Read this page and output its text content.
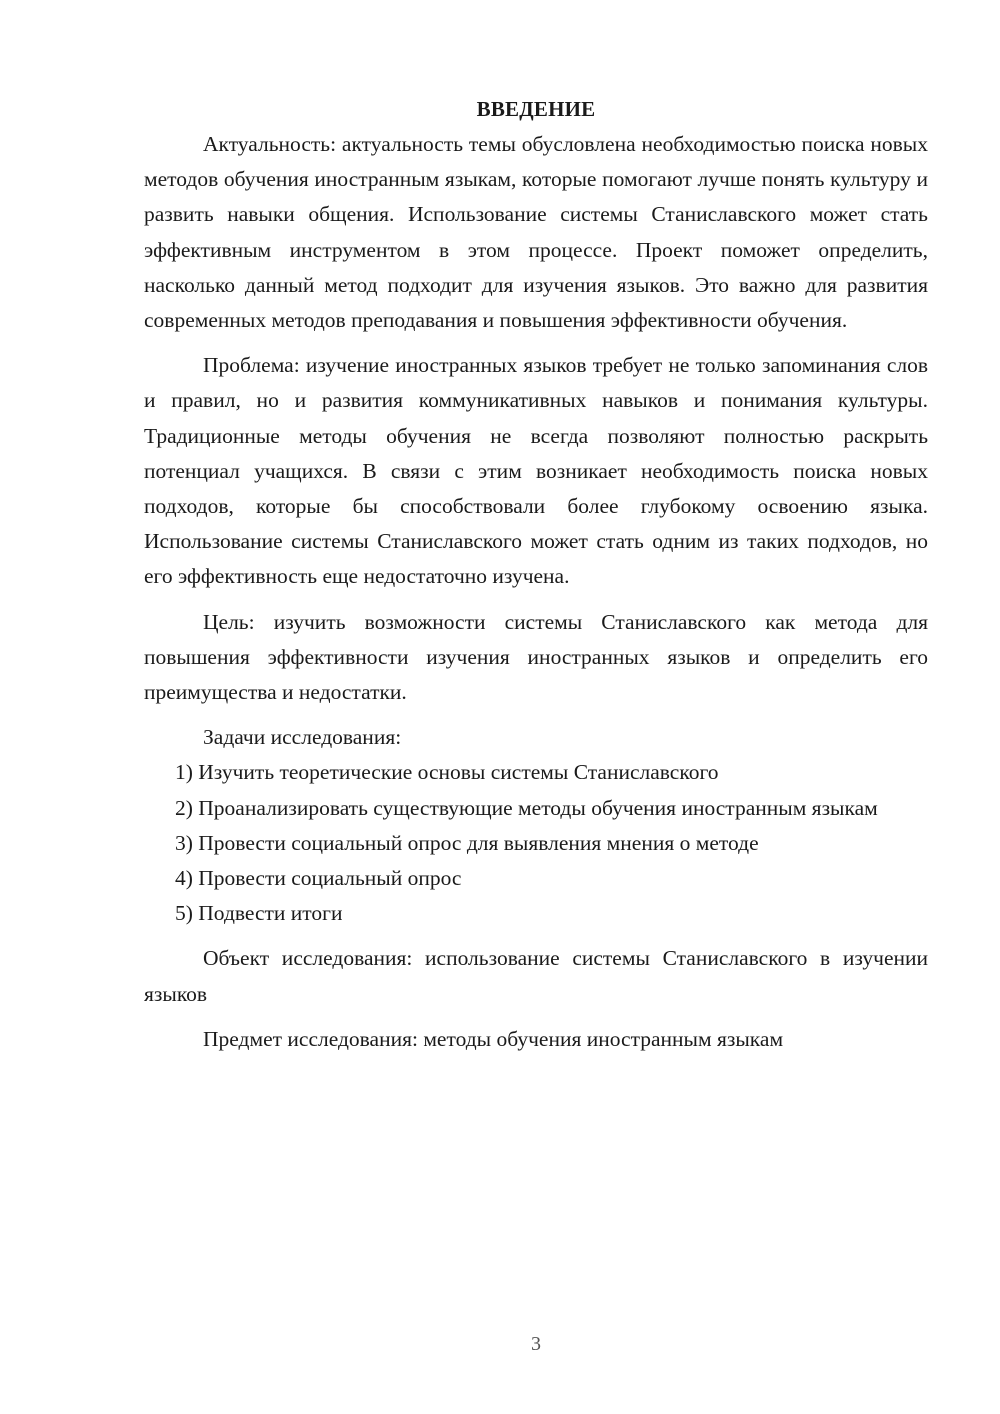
ВВЕДЕНИЕ

Актуальность: актуальность темы обусловлена необходимостью поиска новых методов обучения иностранным языкам, которые помогают лучше понять культуру и развить навыки общения. Использование системы Станиславского может стать эффективным инструментом в этом процессе. Проект поможет определить, насколько данный метод подходит для изучения языков. Это важно для развития современных методов преподавания и повышения эффективности обучения.

Проблема: изучение иностранных языков требует не только запоминания слов и правил, но и развития коммуникативных навыков и понимания культуры. Традиционные методы обучения не всегда позволяют полностью раскрыть потенциал учащихся. В связи с этим возникает необходимость поиска новых подходов, которые бы способствовали более глубокому освоению языка. Использование системы Станиславского может стать одним из таких подходов, но его эффективность еще недостаточно изучена.

Цель: изучить возможности системы Станиславского как метода для повышения эффективности изучения иностранных языков и определить его преимущества и недостатки.

Задачи исследования:

1) Изучить теоретические основы системы Станиславского

2) Проанализировать существующие методы обучения иностранным языкам

3) Провести социальный опрос для выявления мнения о методе

4) Провести социальный опрос

5) Подвести итоги

Объект исследования: использование системы Станиславского в изучении языков

Предмет исследования: методы обучения иностранным языкам

3
